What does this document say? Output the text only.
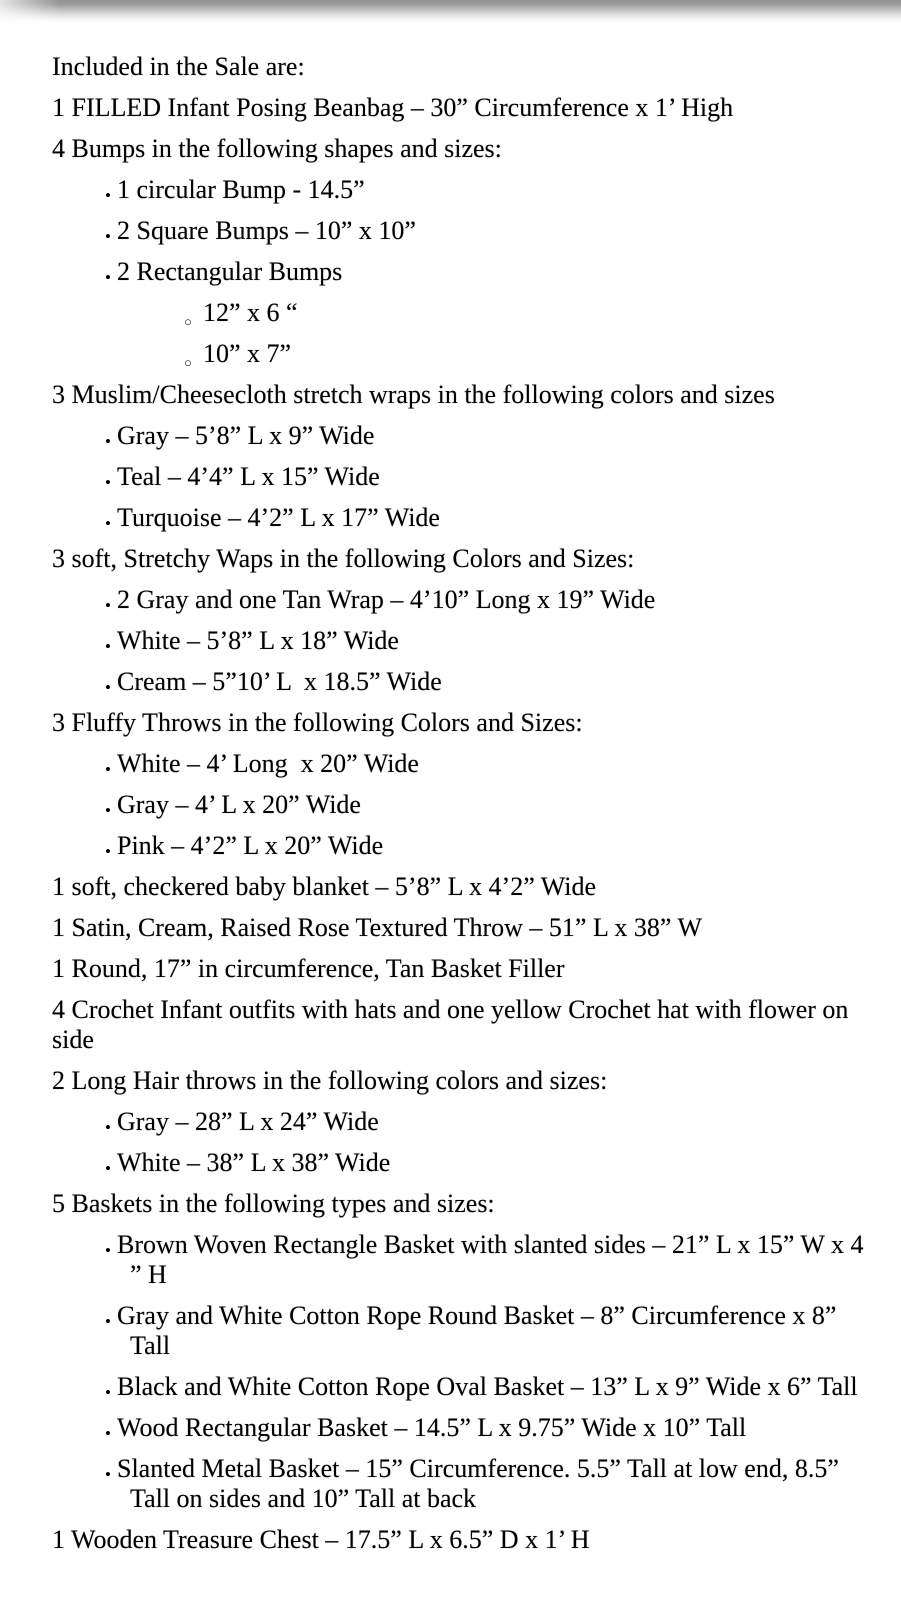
Included in the Sale are:
1 FILLED Infant Posing Beanbag – 30” Circumference x 1’ High
4 Bumps in the following shapes and sizes:
• 1 circular Bump - 14.5”
• 2 Square Bumps – 10” x 10”
• 2 Rectangular Bumps
○ 12” x 6 “
○ 10” x 7”
3 Muslim/Cheesecloth stretch wraps in the following colors and sizes
• Gray – 5’8” L x 9” Wide
• Teal – 4’4” L x 15” Wide
• Turquoise – 4’2” L x 17” Wide
3 soft, Stretchy Waps in the following Colors and Sizes:
• 2 Gray and one Tan Wrap – 4’10” Long x 19” Wide
• White – 5’8” L x 18” Wide
• Cream – 5”10’ L  x 18.5” Wide
3 Fluffy Throws in the following Colors and Sizes:
• White – 4’ Long  x 20” Wide
• Gray – 4’ L x 20” Wide
• Pink – 4’2” L x 20” Wide
1 soft, checkered baby blanket – 5’8” L x 4’2” Wide
1 Satin, Cream, Raised Rose Textured Throw – 51” L x 38” W
1 Round, 17” in circumference, Tan Basket Filler
4 Crochet Infant outfits with hats and one yellow Crochet hat with flower on
side
2 Long Hair throws in the following colors and sizes:
• Gray – 28” L x 24” Wide
• White – 38” L x 38” Wide
5 Baskets in the following types and sizes:
• Brown Woven Rectangle Basket with slanted sides – 21” L x 15” W x 4
” H
• Gray and White Cotton Rope Round Basket – 8” Circumference x 8”
Tall
• Black and White Cotton Rope Oval Basket – 13” L x 9” Wide x 6” Tall
• Wood Rectangular Basket – 14.5” L x 9.75” Wide x 10” Tall
• Slanted Metal Basket – 15” Circumference. 5.5” Tall at low end, 8.5”
Tall on sides and 10” Tall at back
1 Wooden Treasure Chest – 17.5” L x 6.5” D x 1’ H
